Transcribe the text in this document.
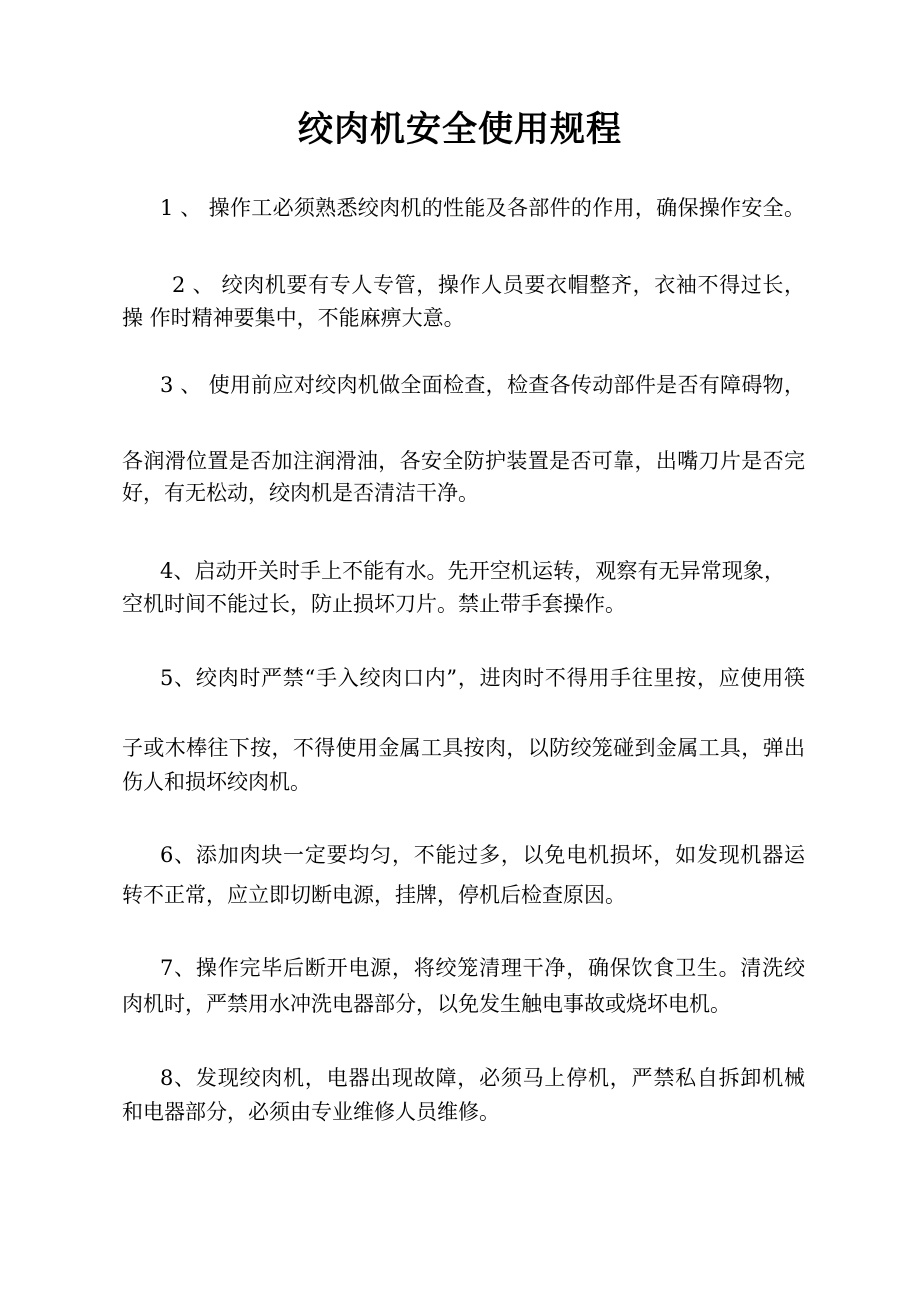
绞肉机安全使用规程
1 、 操作工必须熟悉绞肉机的性能及各部件的作用，确保操作安全。
2 、 绞肉机要有专人专管，操作人员要衣帽整齐，衣袖不得过长，
操 作时精神要集中，不能麻痹大意。
3 、 使用前应对绞肉机做全面检查，检查各传动部件是否有障碍物，
各润滑位置是否加注润滑油，各安全防护装置是否可靠，出嘴刀片是否完
好，有无松动，绞肉机是否清洁干净。
4、启动开关时手上不能有水。先开空机运转，观察有无异常现象，
空机时间不能过长，防止损坏刀片。禁止带手套操作。
5、绞肉时严禁“手入绞肉口内”，进肉时不得用手往里按，应使用筷
子或木棒往下按，不得使用金属工具按肉，以防绞笼碰到金属工具，弹出
伤人和损坏绞肉机。
6、添加肉块一定要均匀，不能过多，以免电机损坏，如发现机器运
转不正常，应立即切断电源，挂牌，停机后检查原因。
7、操作完毕后断开电源，将绞笼清理干净，确保饮食卫生。清洗绞
肉机时，严禁用水冲洗电器部分，以免发生触电事故或烧坏电机。
8、发现绞肉机，电器出现故障，必须马上停机，严禁私自拆卸机械
和电器部分，必须由专业维修人员维修。
